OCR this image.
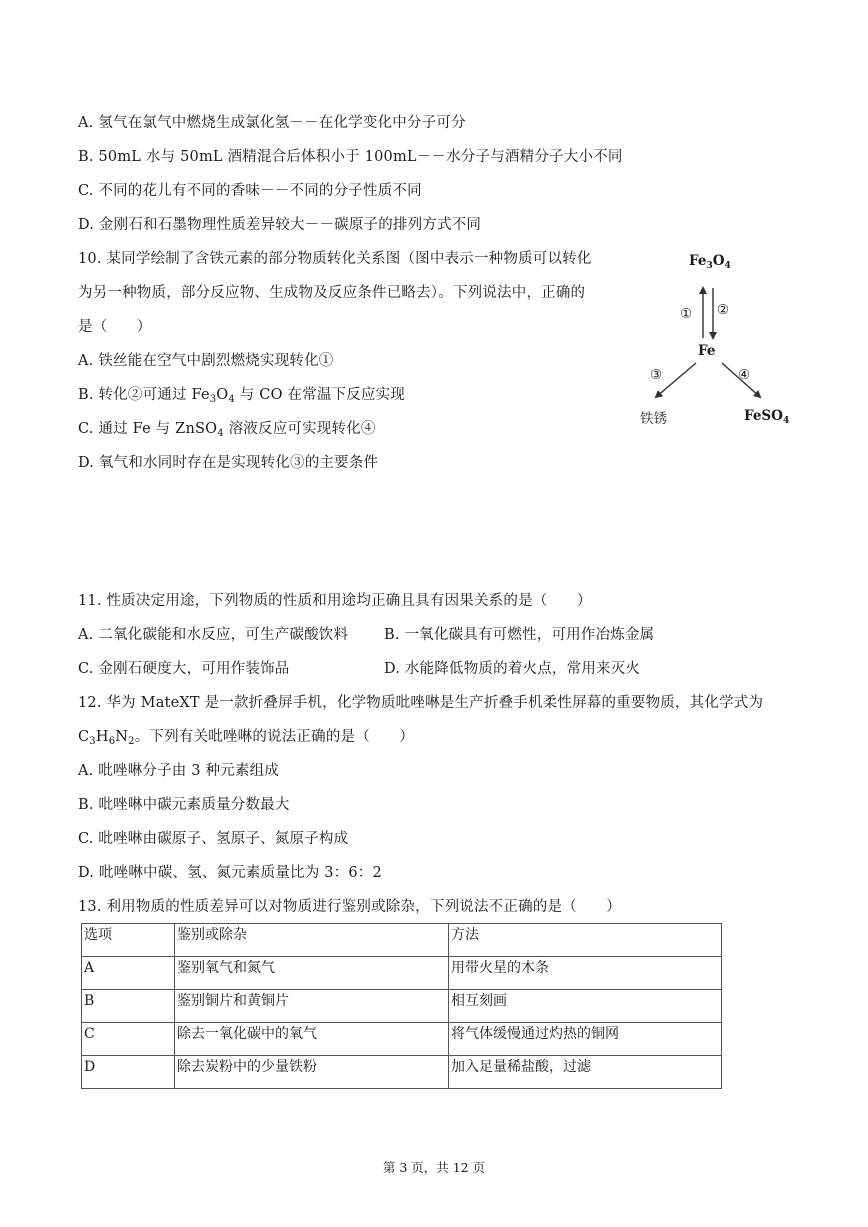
A. 氢气在氯气中燃烧生成氯化氢－－在化学变化中分子可分
B. 50mL 水与 50mL 酒精混合后体积小于 100mL－－水分子与酒精分子大小不同
C. 不同的花儿有不同的香味－－不同的分子性质不同
D. 金刚石和石墨物理性质差异较大－－碳原子的排列方式不同
10. 某同学绘制了含铁元素的部分物质转化关系图（图中表示一种物质可以转化
为另一种物质，部分反应物、生成物及反应条件已略去）。下列说法中，正确的
是（　　）
A. 铁丝能在空气中剧烈燃烧实现转化①
B. 转化②可通过 $Fe_3O_4$ 与 CO 在常温下反应实现
C. 通过 Fe 与 ZnSO$_4$ 溶液反应可实现转化④
D. 氧气和水同时存在是实现转化③的主要条件
$Fe_3O_4$
① ②
Fe
③	④
铁锈	FeSO$_4$
11. 性质决定用途，下列物质的性质和用途均正确且具有因果关系的是（　　）
A. 二氧化碳能和水反应，可生产碳酸饮料 B. 一氧化碳具有可燃性，可用作冶炼金属
C. 金刚石硬度大，可用作装饰品	D. 水能降低物质的着火点，常用来灭火
12. 华为 MateXT 是一款折叠屏手机，化学物质吡唑啉是生产折叠手机柔性屏幕的重要物质，其化学式为
$C_3H_6N_2$。下列有关吡唑啉的说法正确的是（　　）
A. 吡唑啉分子由 3 种元素组成
B. 吡唑啉中碳元素质量分数最大
C. 吡唑啉由碳原子、氢原子、氮原子构成
D. 吡唑啉中碳、氢、氮元素质量比为 3：6：2
13. 利用物质的性质差异可以对物质进行鉴别或除杂，下列说法不正确的是（　　）
选项	鉴别或除杂	方法
A	鉴别氧气和氮气	用带火星的木条
B	鉴别铜片和黄铜片	相互刻画
C	除去一氧化碳中的氧气	将气体缓慢通过灼热的铜网
D	除去炭粉中的少量铁粉	加入足量稀盐酸，过滤
第 3 页，共 12 页
